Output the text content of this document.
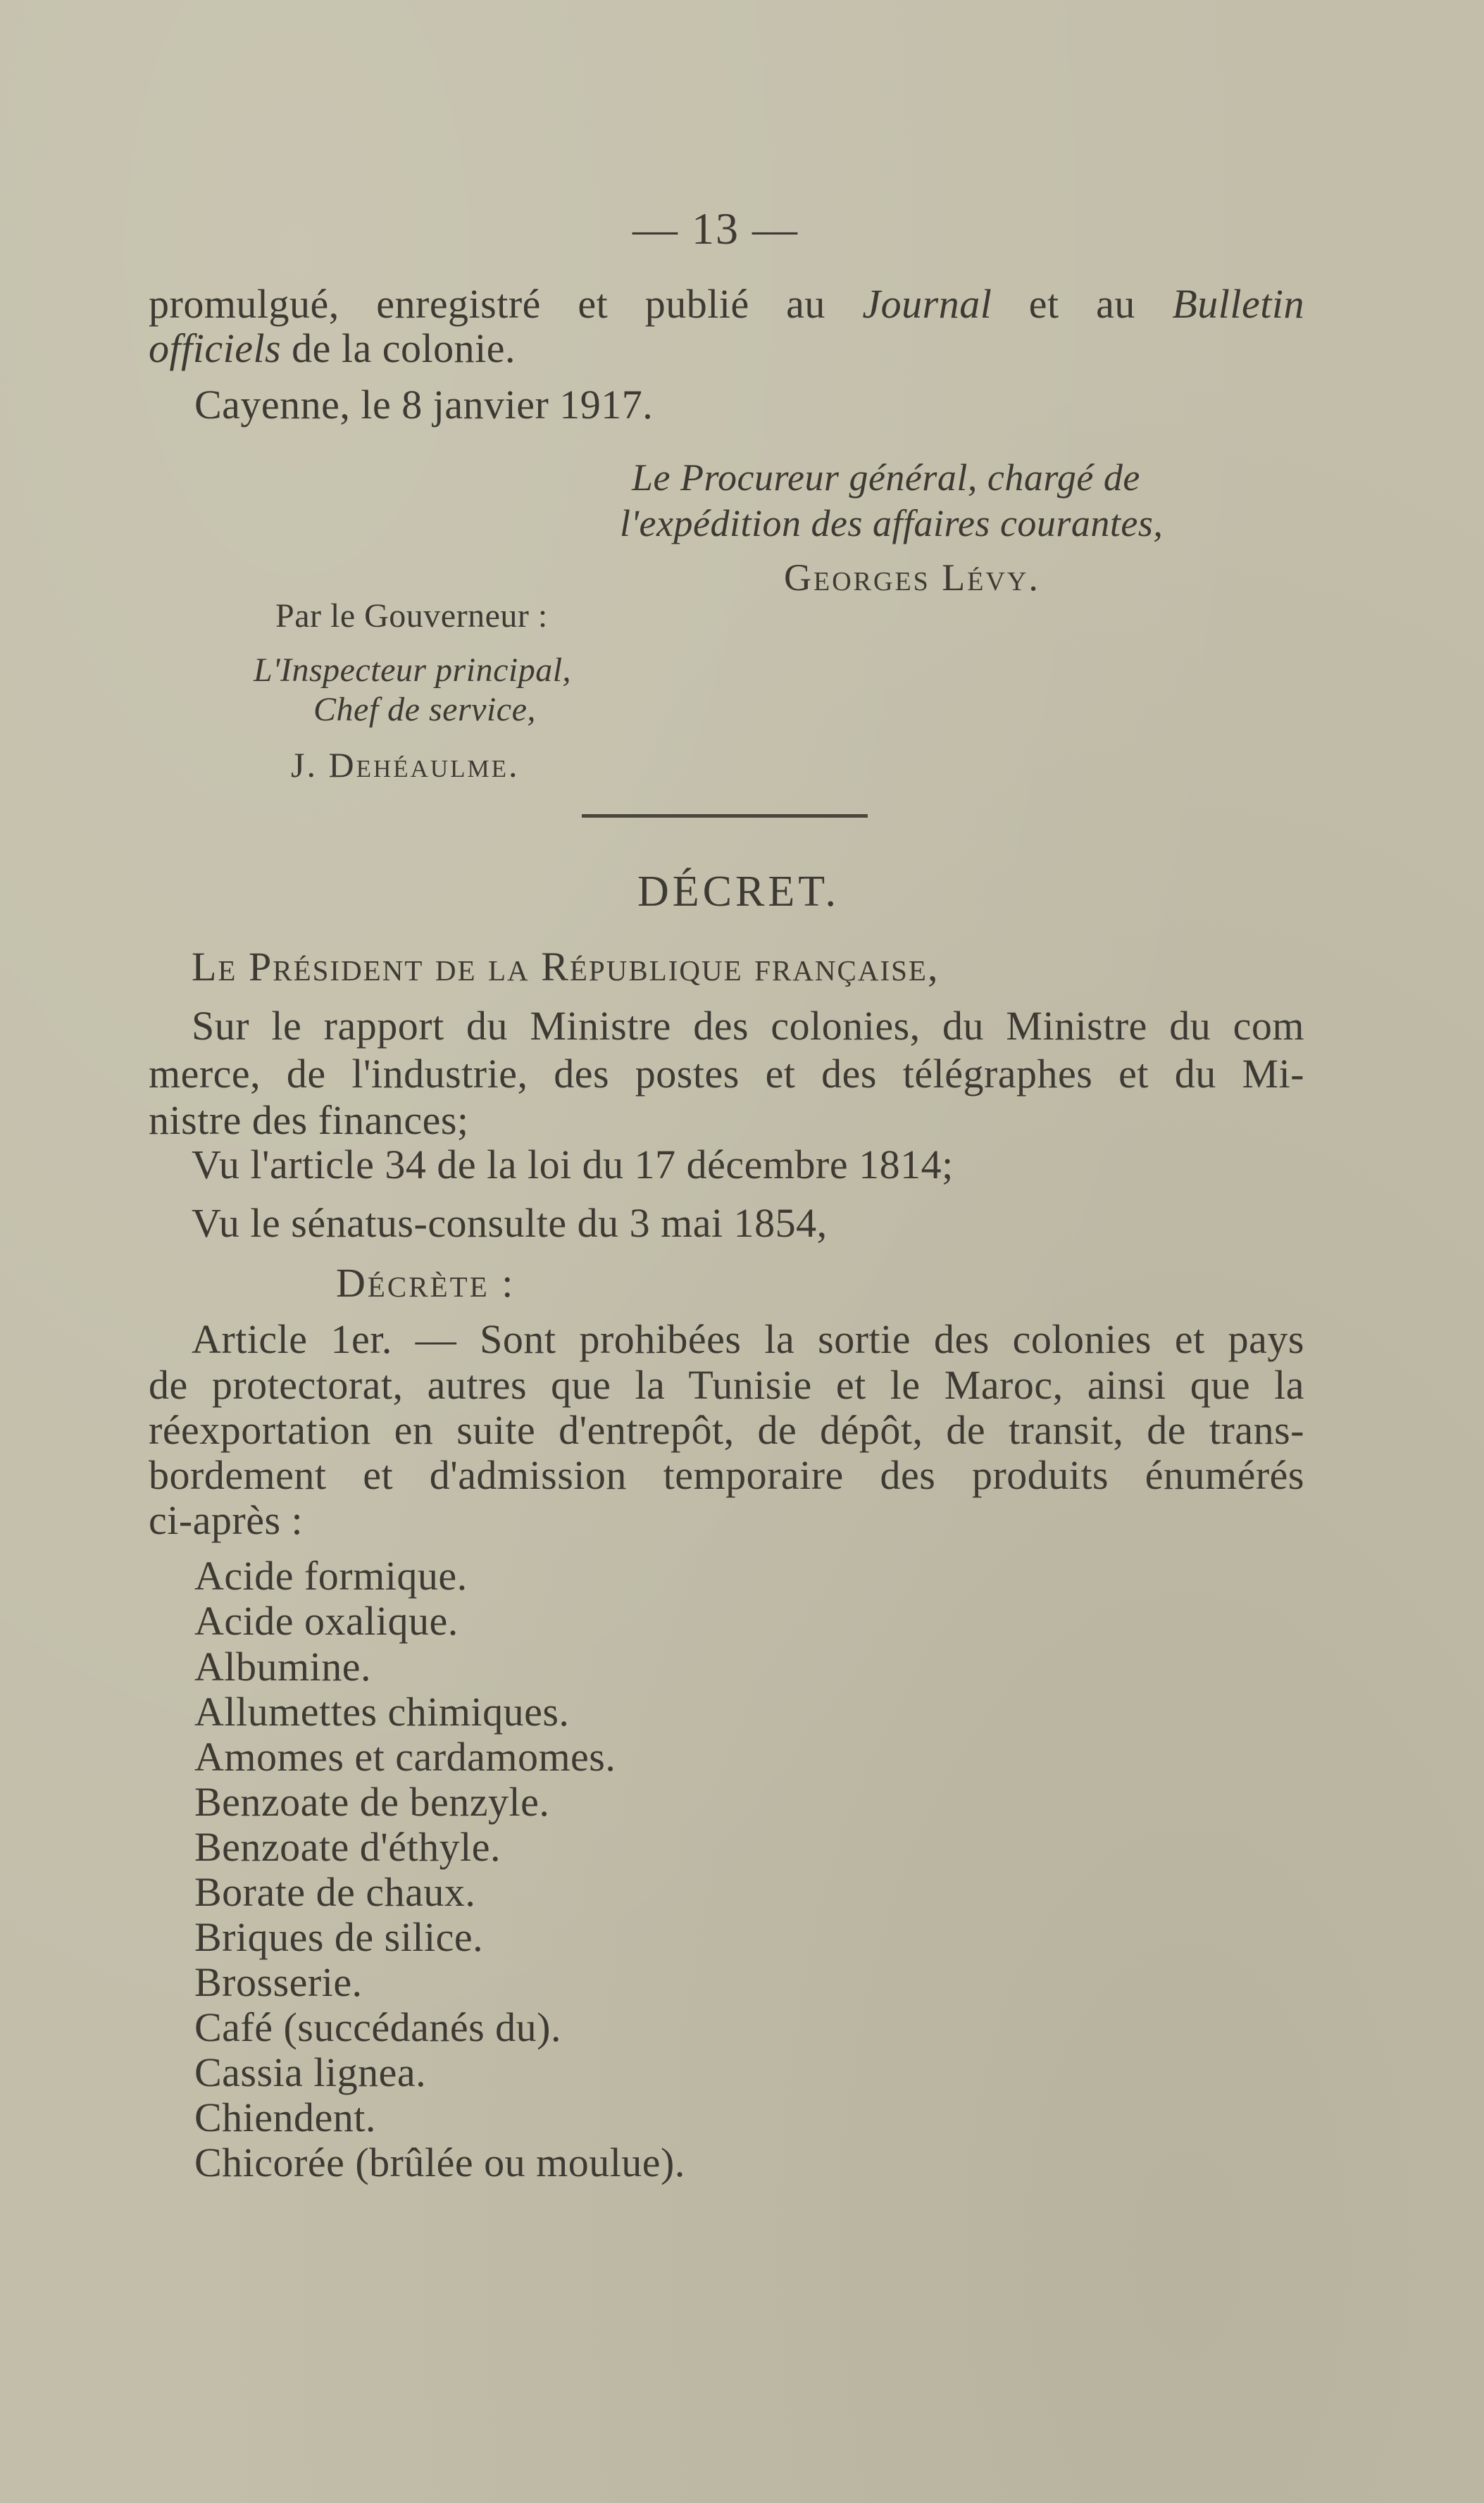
— 13 —
promulgué, enregistré et publié au Journal et au Bulletin
officiels de la colonie.
Cayenne, le 8 janvier 1917.
Le Procureur général, chargé de
l'expédition des affaires courantes,
Georges Lévy.
Par le Gouverneur :
L'Inspecteur principal,
Chef de service,
J. Dehéaulme.
DÉCRET.
Le Président de la République française,
Sur le rapport du Ministre des colonies, du Ministre du com
merce, de l'industrie, des postes et des télégraphes et du Mi-
nistre des finances;
Vu l'article 34 de la loi du 17 décembre 1814;
Vu le sénatus-consulte du 3 mai 1854,
Décrète :
Article 1er. — Sont prohibées la sortie des colonies et pays
de protectorat, autres que la Tunisie et le Maroc, ainsi que la
réexportation en suite d'entrepôt, de dépôt, de transit, de trans-
bordement et d'admission temporaire des produits énumérés
ci-après :
Acide formique.
Acide oxalique.
Albumine.
Allumettes chimiques.
Amomes et cardamomes.
Benzoate de benzyle.
Benzoate d'éthyle.
Borate de chaux.
Briques de silice.
Brosserie.
Café (succédanés du).
Cassia lignea.
Chiendent.
Chicorée (brûlée ou moulue).
